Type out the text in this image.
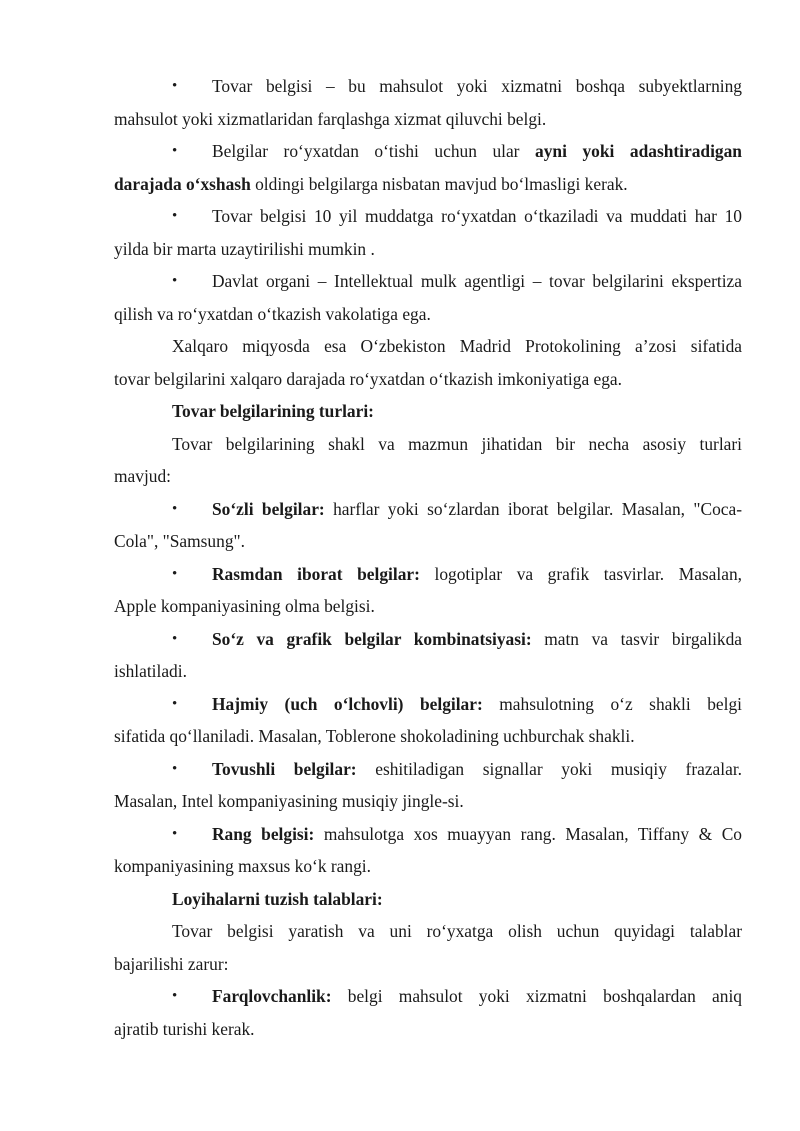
• Tovar belgisi – bu mahsulot yoki xizmatni boshqa subyektlarning
mahsulot yoki xizmatlaridan farqlashga xizmat qiluvchi belgi.
• Belgilar ro‘yxatdan o‘tishi uchun ular ayni yoki adashtiradigan
darajada o‘xshash oldingi belgilarga nisbatan mavjud bo‘lmasligi kerak.
• Tovar belgisi 10 yil muddatga ro‘yxatdan o‘tkaziladi va muddati har 10
yilda bir marta uzaytirilishi mumkin .
• Davlat organi – Intellektual mulk agentligi – tovar belgilarini ekspertiza
qilish va ro‘yxatdan o‘tkazish vakolatiga ega.
Xalqaro miqyosda esa O‘zbekiston Madrid Protokolining a’zosi sifatida
tovar belgilarini xalqaro darajada ro‘yxatdan o‘tkazish imkoniyatiga ega.
Tovar belgilarining turlari:
Tovar belgilarining shakl va mazmun jihatidan bir necha asosiy turlari
mavjud:
• So‘zli belgilar: harflar yoki so‘zlardan iborat belgilar. Masalan, "Coca-
Cola", "Samsung".
• Rasmdan iborat belgilar: logotiplar va grafik tasvirlar. Masalan,
Apple kompaniyasining olma belgisi.
• So‘z va grafik belgilar kombinatsiyasi: matn va tasvir birgalikda
ishlatiladi.
• Hajmiy (uch o‘lchovli) belgilar: mahsulotning o‘z shakli belgi
sifatida qo‘llaniladi. Masalan, Toblerone shokoladining uchburchak shakli.
• Tovushli belgilar: eshitiladigan signallar yoki musiqiy frazalar.
Masalan, Intel kompaniyasining musiqiy jingle-si.
• Rang belgisi: mahsulotga xos muayyan rang. Masalan, Tiffany & Co
kompaniyasining maxsus ko‘k rangi.
Loyihalarni tuzish talablari:
Tovar belgisi yaratish va uni ro‘yxatga olish uchun quyidagi talablar
bajarilishi zarur:
• Farqlovchanlik: belgi mahsulot yoki xizmatni boshqalardan aniq
ajratib turishi kerak.
